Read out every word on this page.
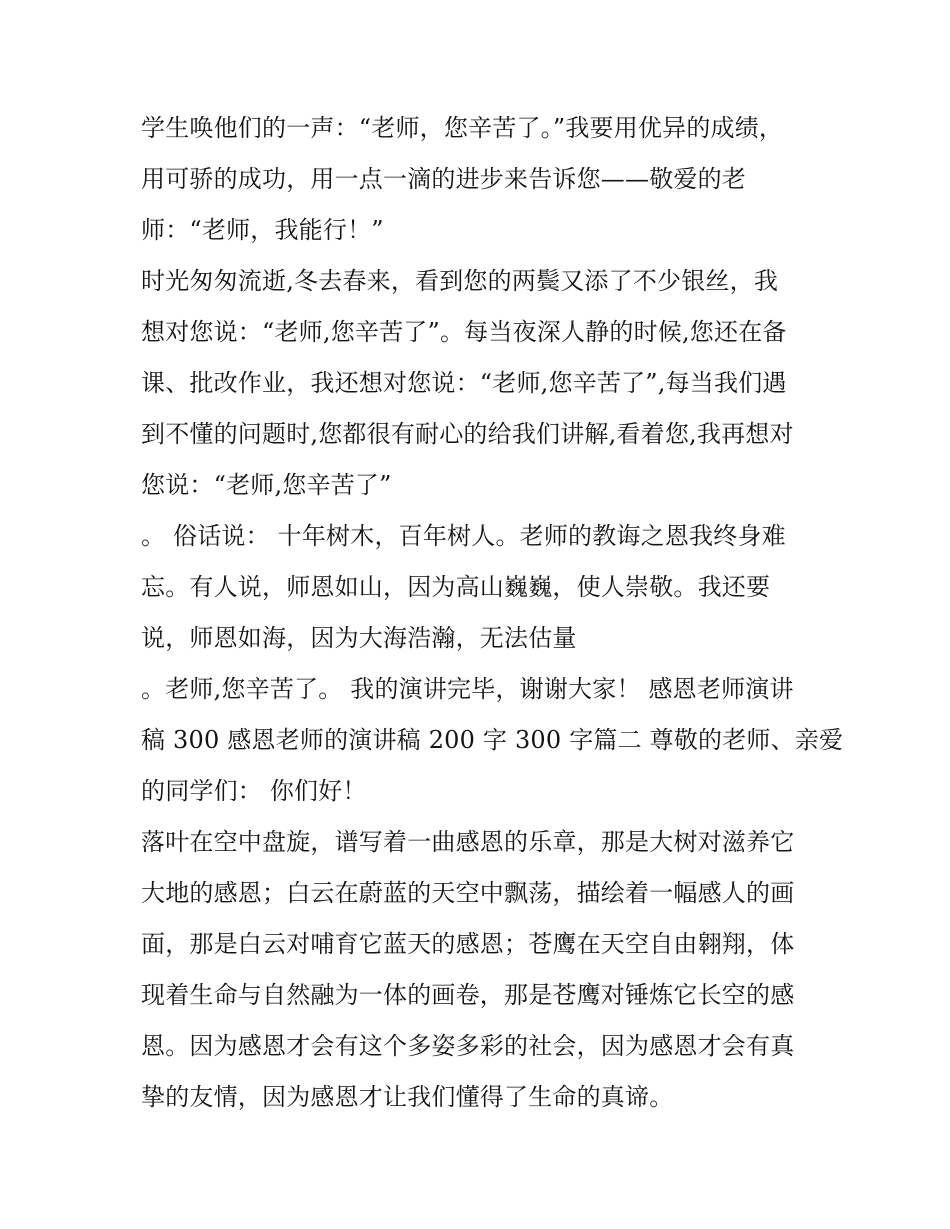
学生唤他们的一声：“老师，您辛苦了。”我要用优异的成绩，
用可骄的成功，用一点一滴的进步来告诉您——敬爱的老
师：“老师，我能行！”
时光匆匆流逝,冬去春来，看到您的两鬓又添了不少银丝，我
想对您说：“老师,您辛苦了”。每当夜深人静的时候,您还在备
课、批改作业，我还想对您说：“老师,您辛苦了”,每当我们遇
到不懂的问题时,您都很有耐心的给我们讲解,看着您,我再想对
您说：“老师,您辛苦了”
。 俗话说： 十年树木，百年树人。老师的教诲之恩我终身难
忘。有人说，师恩如山，因为高山巍巍，使人崇敬。我还要
说，师恩如海，因为大海浩瀚，无法估量
。老师,您辛苦了。 我的演讲完毕，谢谢大家！ 感恩老师演讲
稿 300 感恩老师的演讲稿 200 字 300 字篇二 尊敬的老师、亲爱
的同学们： 你们好！
落叶在空中盘旋，谱写着一曲感恩的乐章，那是大树对滋养它
大地的感恩；白云在蔚蓝的天空中飘荡，描绘着一幅感人的画
面，那是白云对哺育它蓝天的感恩；苍鹰在天空自由翱翔，体
现着生命与自然融为一体的画卷，那是苍鹰对锤炼它长空的感
恩。因为感恩才会有这个多姿多彩的社会，因为感恩才会有真
挚的友情，因为感恩才让我们懂得了生命的真谛。
